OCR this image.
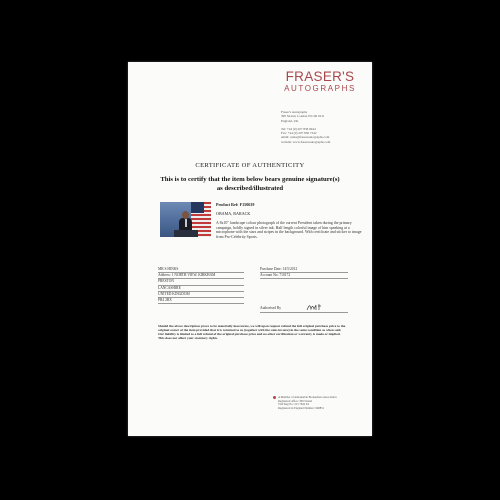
FRASER'S
AUTOGRAPHS
Fraser's Autographs
399 Strand, London WC2R 0LX
England, UK
Tel: +44 (0) 207 836 8444
Fax: +44 (0) 207 836 7342
email: sales@frasersautographs.com
website: www.frasersautographs.com
CERTIFICATE OF AUTHENTICITY
This is to certify that the item below bears genuine signature(s)
as described/illustrated
Product Ref: F150639
OBAMA, BARACK
A 8x10" landscape colour photograph of the current President taken during the primary campaign, boldly signed in silver ink. Half length colorful image of him speaking at a microphone with the stars and stripes in the background. With certificate and sticker to image from Pro-Celebrity Sports.
MR S HINKS
Address: 1 NORTH VIEW, KIRKHAM
PRESTON
LANCASHIRE
UNITED KINGDOM
PR4 2BX
Purchase Date: 14/5/2012
Account No: 710172
Authorised By
Should the above description prove to be materially inaccurate, we will upon request refund the full original purchase price to the original owner of the item provided that it is returned to us (together with the sales invoice) in the same condition as when sold. Our liability is limited to a full refund of the original purchase price and no other certification or warranty is made or implied. This does not affect your statutory rights.
A Member of Antiquarian Booksellers Association
Registered office: 399 Strand
VAT Reg No: 215 7642 94
Registered in England Number: 948851
